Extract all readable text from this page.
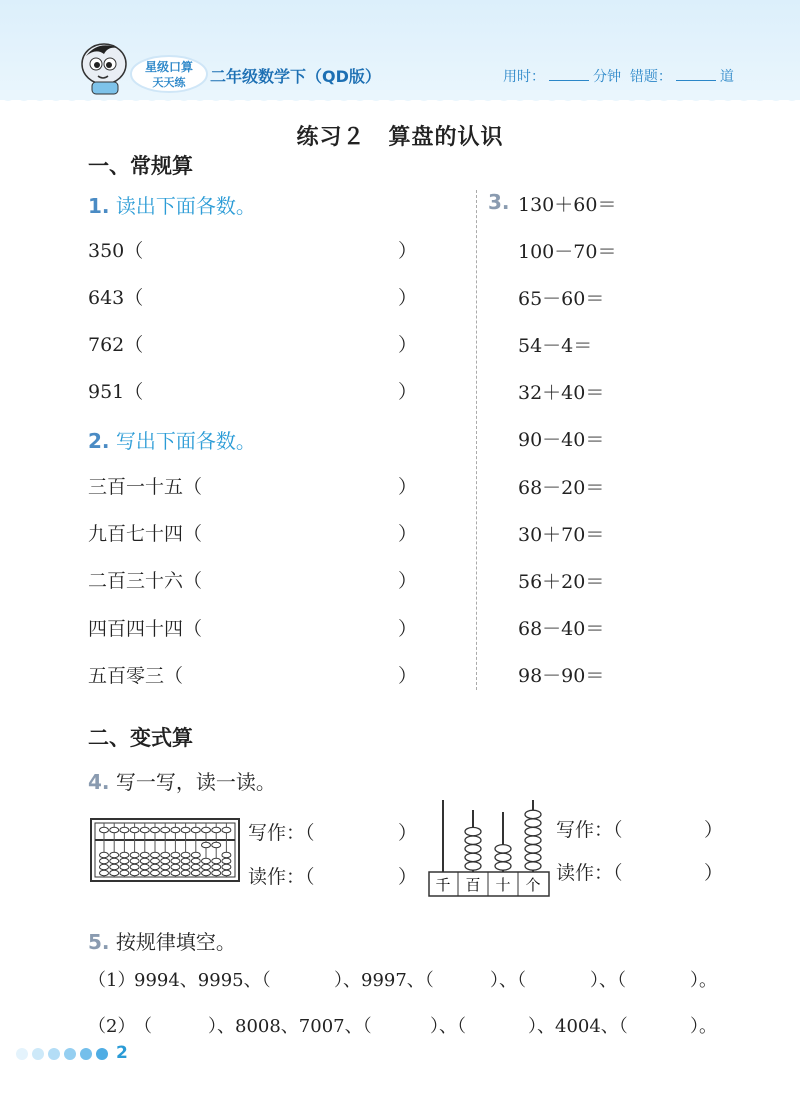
星级口算
天天练 二年级数学下（QD版）	用时：	分钟 错题：	道
练习２　算盘的认识
一、常规算
1. 读出下面各数。
350（	）
643（	）
762（	）
951（	）
2. 写出下面各数。
三百一十五（	）
九百七十四（	）
二百三十六（	）
四百四十四（	）
五百零三（	）
3. 130＋60＝
100－70＝
65－60＝
54－4＝
32＋40＝
90－40＝
68－20＝
30＋70＝
56＋20＝
68－40＝
98－90＝
二、变式算
4. 写一写，读一读。
写作：（	）
读作：（	） 千 百 十 个
写作：（	）
读作：（	）
5. 按规律填空。
（1）
9994、9995、（	）、9997、（	）、（	）、（	）。
（2）
（	）、8008、7007、（	）、（	）、4004、（	）。
2
